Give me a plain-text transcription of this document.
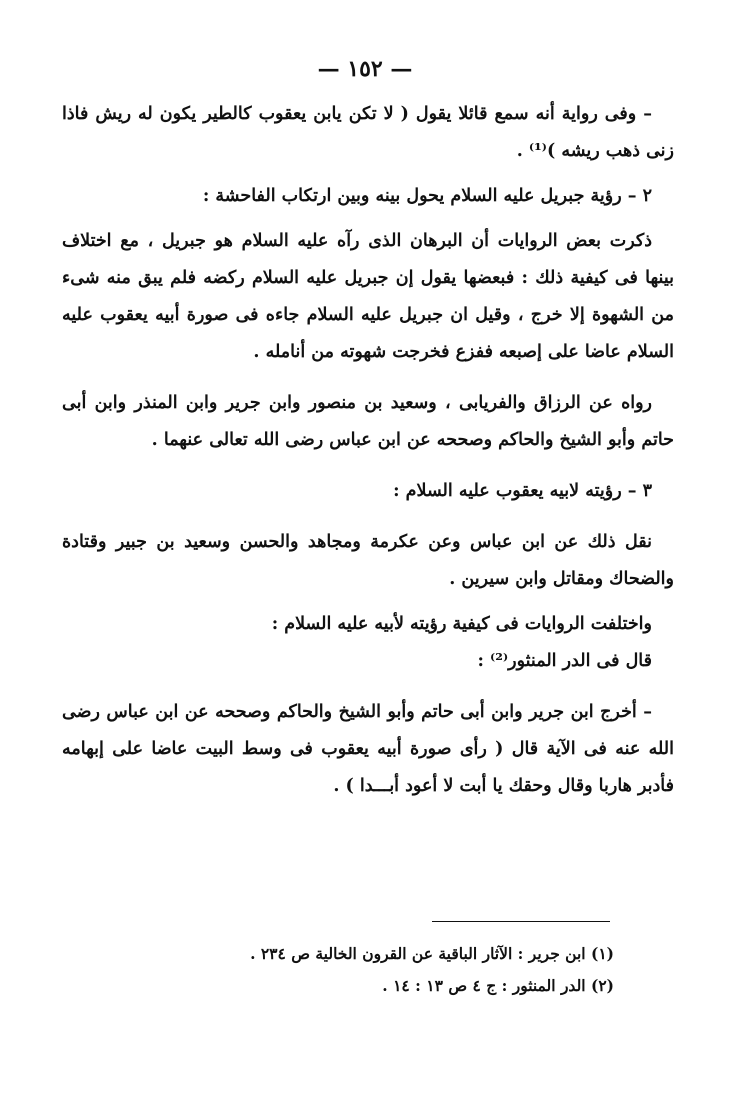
— ١٥٢ —

– وفى رواية أنه سمع قائلا يقول ( لا تكن يابن يعقوب كالطير يكون له ريش فاذا زنى ذهب ريشه )⁽¹⁾ .

٢ – رؤية جبريل عليه السلام يحول بينه وبين ارتكاب الفاحشة :

ذكرت بعض الروايات أن البرهان الذى رآه عليه السلام هو جبريل ، مع اختلاف بينها فى كيفية ذلك : فبعضها يقول إن جبريل عليه السلام ركضه فلم يبق منه شىء من الشهوة إلا خرج ، وقيل ان جبريل عليه السلام جاءه فى صورة أبيه يعقوب عليه السلام عاضا على إصبعه ففزع فخرجت شهوته من أنامله .

رواه عن الرزاق والفريابى ، وسعيد بن منصور وابن جرير وابن المنذر وابن أبى حاتم وأبو الشيخ والحاكم وصححه عن ابن عباس رضى الله تعالى عنهما .

٣ – رؤيته لابيه يعقوب عليه السلام :

نقل ذلك عن ابن عباس وعن عكرمة ومجاهد والحسن وسعيد بن جبير وقتادة والضحاك ومقاتل وابن سيرين .

واختلفت الروايات فى كيفية رؤيته لأبيه عليه السلام :

قال فى الدر المنثور⁽²⁾ :

– أخرج ابن جرير وابن أبى حاتم وأبو الشيخ والحاكم وصححه عن ابن عباس رضى الله عنه فى الآية قال ( رأى صورة أبيه يعقوب فى وسط البيت عاضا على إبهامه فأدبر هاربا وقال وحقك يا أبت لا أعود أبـــدا ) .

(١) ابن جرير : الآثار الباقية عن القرون الخالية ص ٢٣٤ .

(٢) الدر المنثور : ج ٤ ص ١٣ : ١٤ .
